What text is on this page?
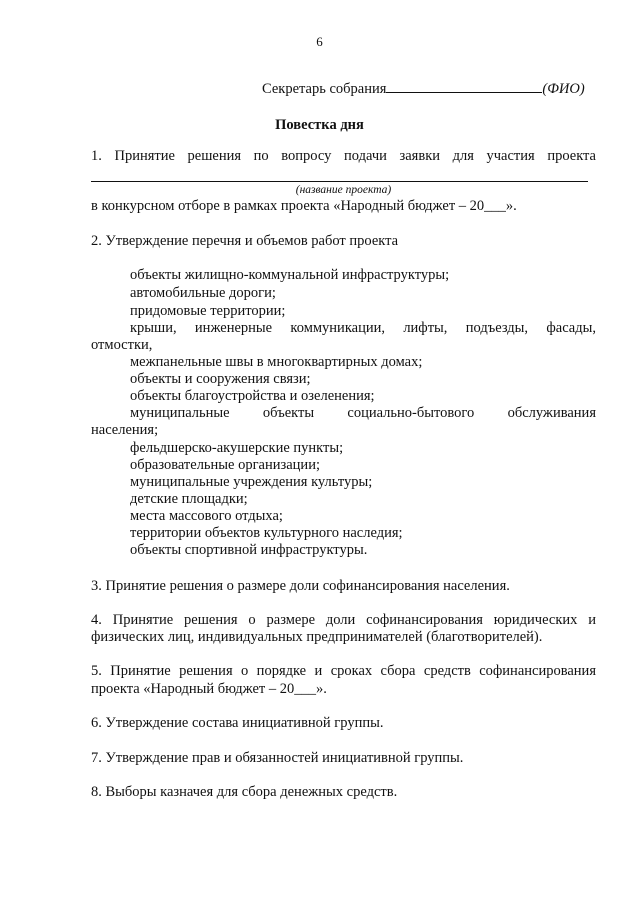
6
Секретарь собрания	(ФИО)
Повестка дня
1. Принятие решения по вопросу подачи заявки для участия проекта
(название проекта)
в конкурсном отборе в рамках проекта «Народный бюджет – 20___».
2. Утверждение перечня и объемов работ проекта
объекты жилищно-коммунальной инфраструктуры;
автомобильные дороги;
придомовые территории;
крыши, инженерные коммуникации, лифты, подъезды, фасады,
отмостки,
межпанельные швы в многоквартирных домах;
объекты и сооружения связи;
объекты благоустройства и озеленения;
муниципальные объекты социально-бытового обслуживания
населения;
фельдшерско-акушерские пункты;
образовательные организации;
муниципальные учреждения культуры;
детские площадки;
места массового отдыха;
территории объектов культурного наследия;
объекты спортивной инфраструктуры.
3. Принятие решения о размере доли софинансирования населения.
4. Принятие решения о размере доли софинансирования юридических и
физических лиц, индивидуальных предпринимателей (благотворителей).
5. Принятие решения о порядке и сроках сбора средств софинансирования
проекта «Народный бюджет – 20___».
6. Утверждение состава инициативной группы.
7. Утверждение прав и обязанностей инициативной группы.
8. Выборы казначея для сбора денежных средств.
